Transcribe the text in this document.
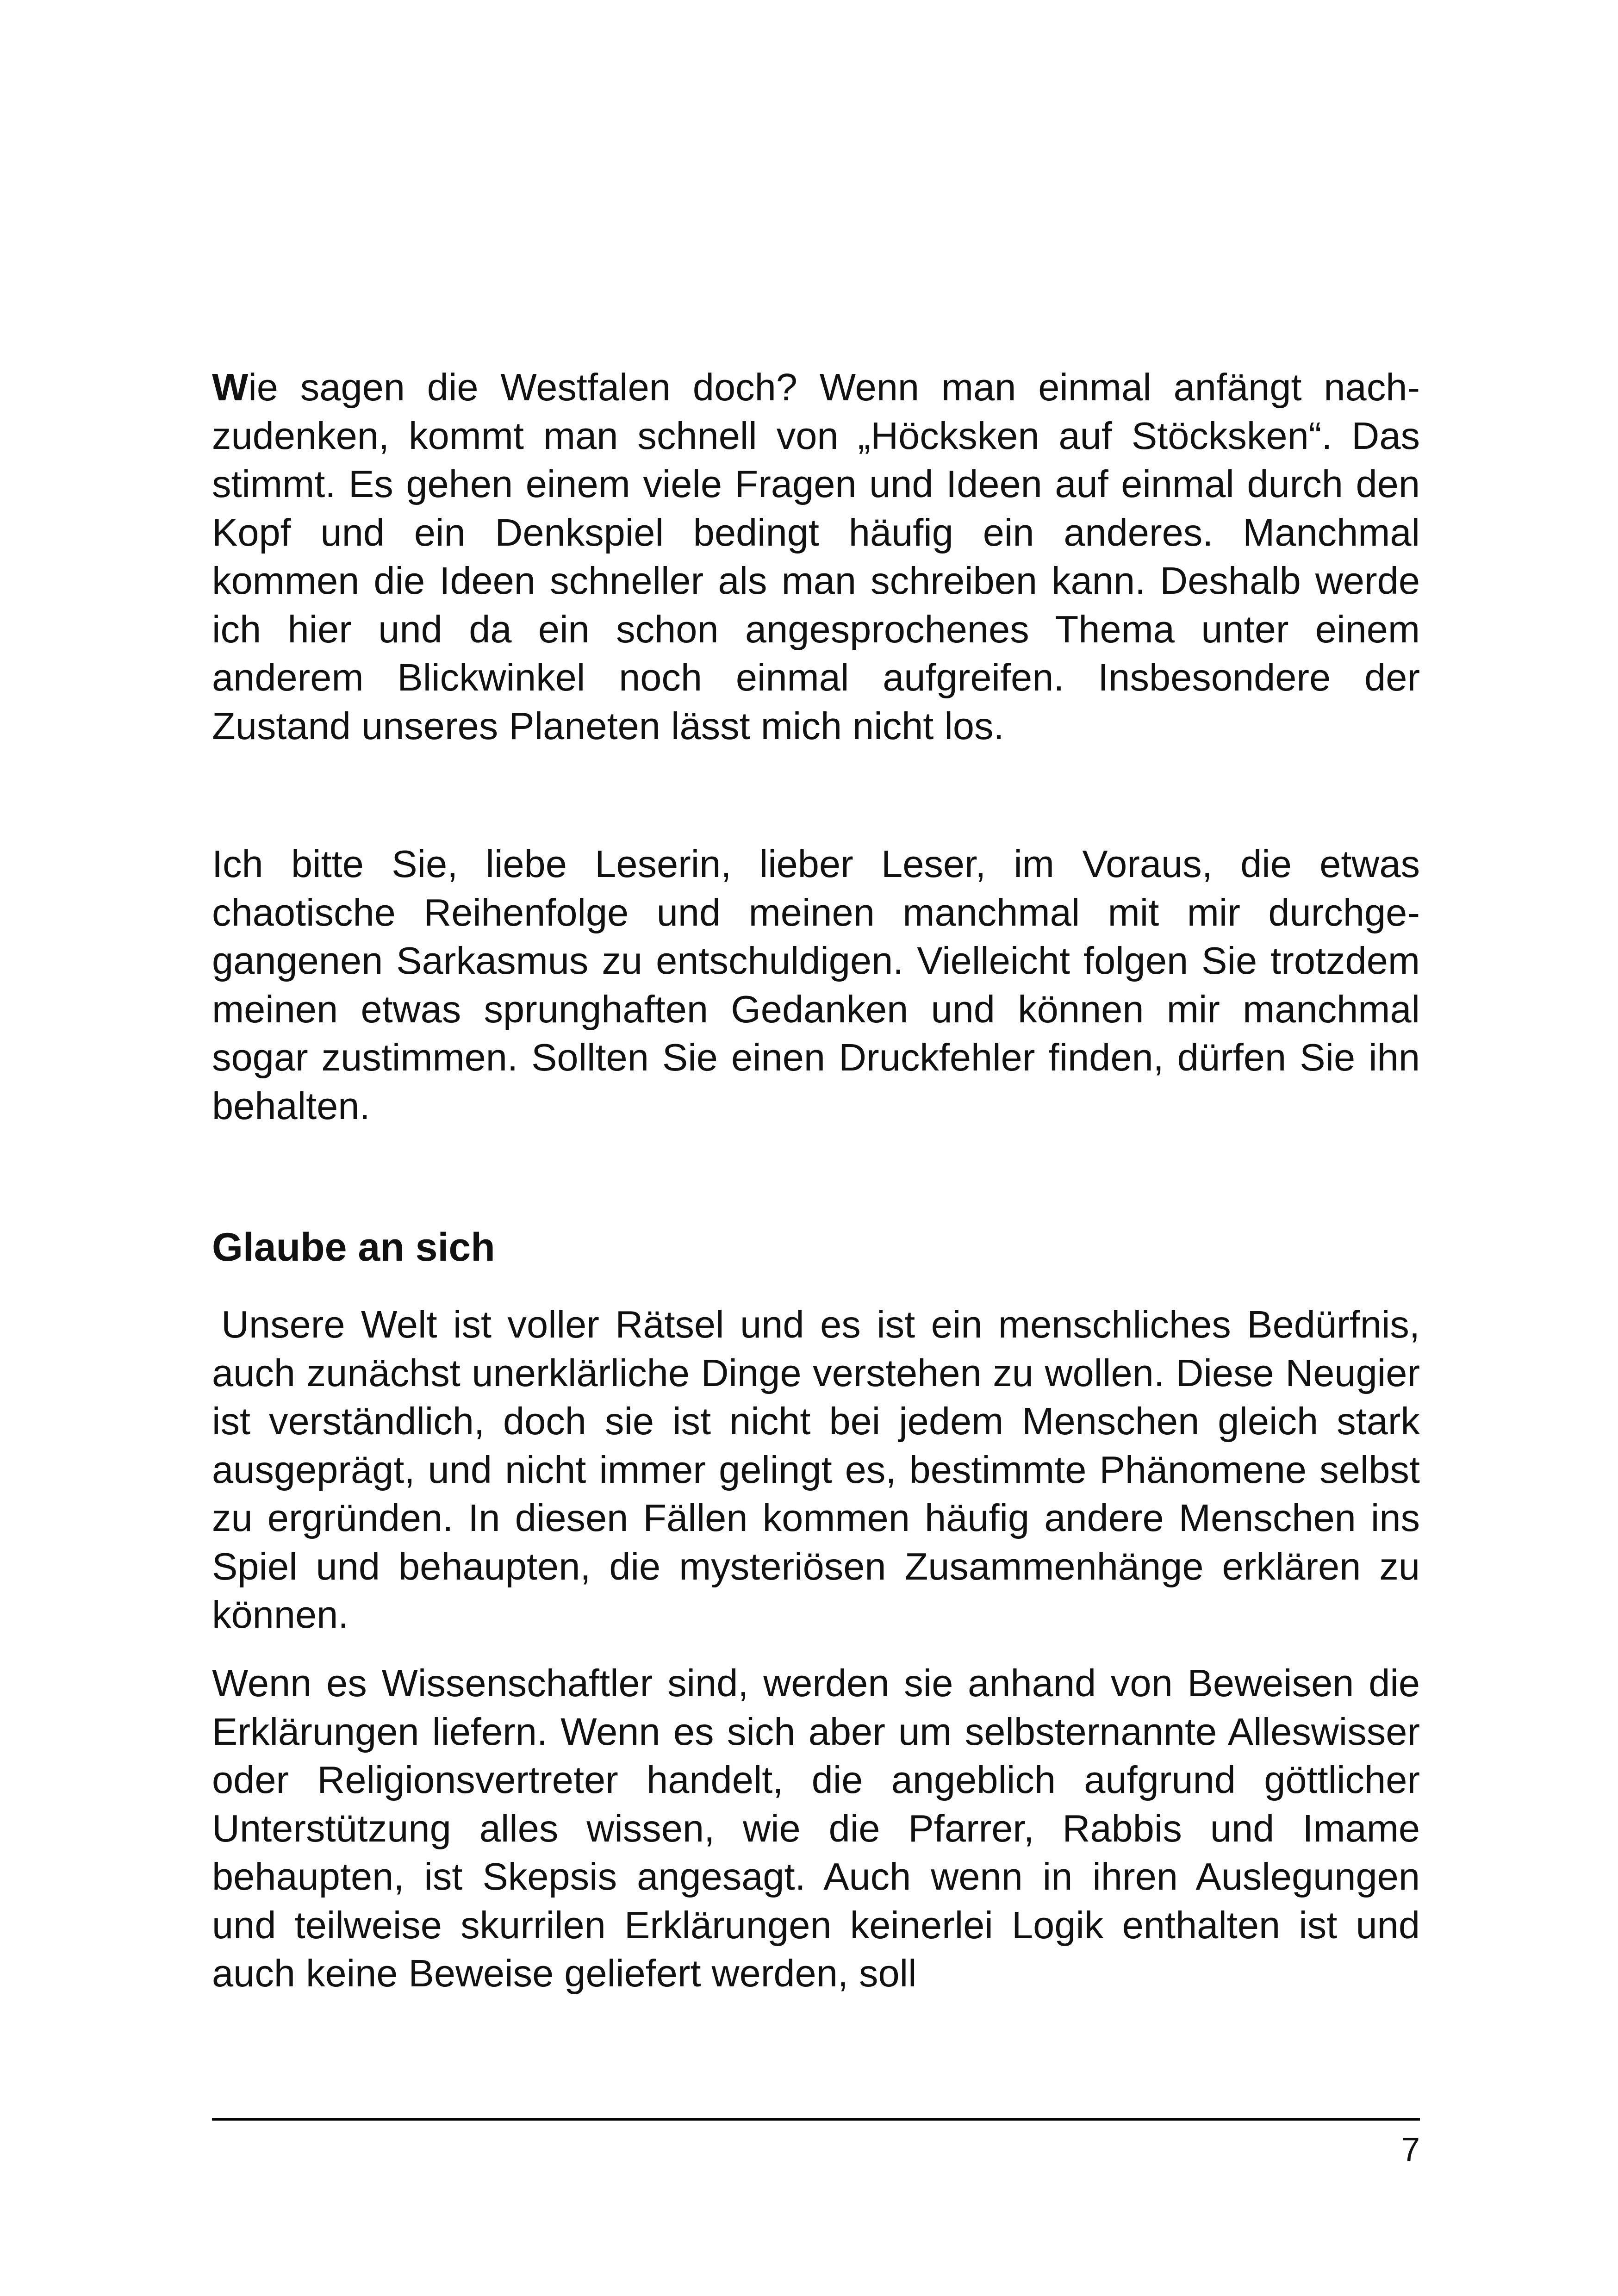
Wie sagen die Westfalen doch? Wenn man einmal anfängt nachzudenken, kommt man schnell von „Höcksken auf Stöcksken“. Das stimmt. Es gehen einem viele Fragen und Ideen auf einmal durch den Kopf und ein Denkspiel bedingt häufig ein anderes. Manchmal kommen die Ideen schneller als man schreiben kann. Deshalb werde ich hier und da ein schon angesprochenes Thema unter einem anderem Blickwinkel noch einmal aufgreifen. Insbesondere der Zustand unseres Planeten lässt mich nicht los.

Ich bitte Sie, liebe Leserin, lieber Leser, im Voraus, die etwas chaotische Reihenfolge und meinen manchmal mit mir durchgegangenen Sarkasmus zu entschuldigen. Vielleicht folgen Sie trotzdem meinen etwas sprunghaften Gedanken und können mir manchmal sogar zustimmen. Sollten Sie einen Druckfehler finden, dürfen Sie ihn behalten.

Glaube an sich

Unsere Welt ist voller Rätsel und es ist ein menschliches Bedürfnis, auch zunächst unerklärliche Dinge verstehen zu wollen. Diese Neugier ist verständlich, doch sie ist nicht bei jedem Menschen gleich stark ausgeprägt, und nicht immer gelingt es, bestimmte Phänomene selbst zu ergründen. In diesen Fällen kommen häufig andere Menschen ins Spiel und behaupten, die mysteriösen Zusammenhänge erklären zu können.

Wenn es Wissenschaftler sind, werden sie anhand von Beweisen die Erklärungen liefern. Wenn es sich aber um selbsternannte Alleswisser oder Religionsvertreter handelt, die angeblich aufgrund göttlicher Unterstützung alles wissen, wie die Pfarrer, Rabbis und Imame behaupten, ist Skepsis angesagt. Auch wenn in ihren Auslegungen und teilweise skurrilen Erklärungen keinerlei Logik enthalten ist und auch keine Beweise geliefert werden, soll

7
